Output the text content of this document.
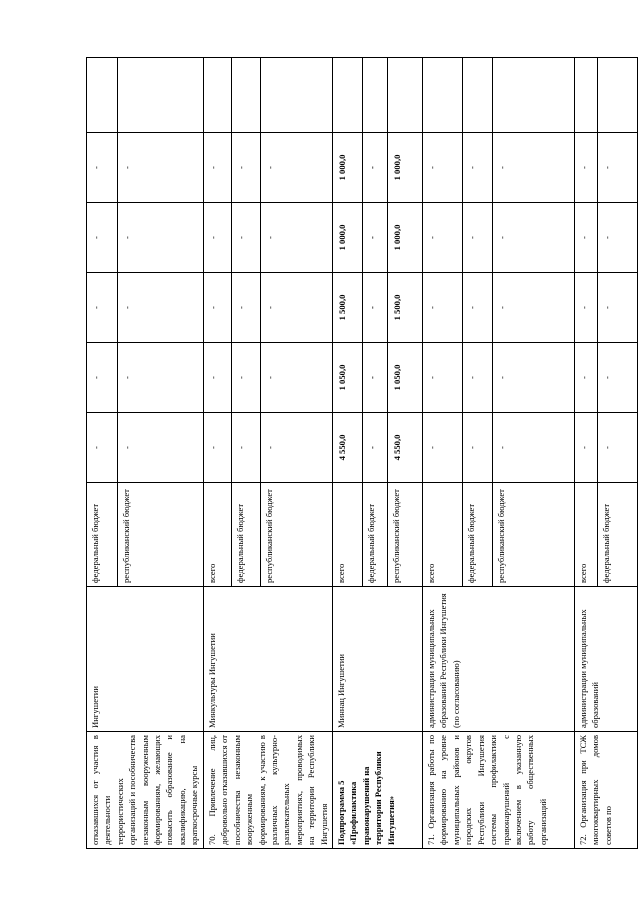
отказавшихся от участия в деятельности террористических организаций и пособничества незаконным вооруженным формированиям, желающих повысить образование и квалификацию, на краткосрочные курсы	Ингушетии	федеральный бюджет	-	-	-	-	-	
		республиканский бюджет	-	-	-	-	-	
70. Привлечение лиц, добровольно отказавшихся от пособничества незаконным вооруженным формированиям, к участию в различных культурно-развлекательных мероприятиях, проводимых на территории Республики Ингушетия	Минкультуры Ингушетии	всего	-	-	-	-	-	
		федеральный бюджет	-	-	-	-	-	
		республиканский бюджет	-	-	-	-	-	
Подпрограмма 5 «Профилактика правонарушений на территории Республики Ингушетия»	Миннац Ингушетии	всего	4 550,0	1 050,0	1 500,0	1 000,0	1 000,0	
		федеральный бюджет	-	-	-	-	-	
		республиканский бюджет	4 550,0	1 050,0	1 500,0	1 000,0	1 000,0	
71. Организация работы по формированию на уровне муниципальных районов и городских округов Республики Ингушетия системы профилактики правонарушений с включением в указанную работу общественных организаций	администрации муниципальных образований Республики Ингушетия (по согласованию)	всего	-	-	-	-	-	
		федеральный бюджет	-	-	-	-	-	
		республиканский бюджет	-	-	-	-	-	
72. Организация при ТСЖ многоквартирных домов советов по	администрации муниципальных образований	всего	-	-	-	-	-	
		федеральный бюджет	-	-	-	-	-	
